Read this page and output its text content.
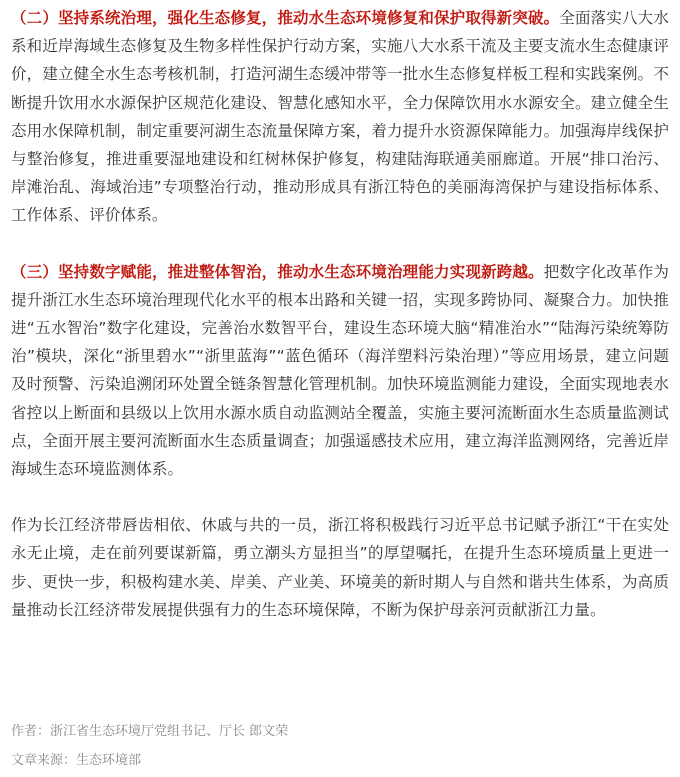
（二）坚持系统治理，强化生态修复，推动水生态环境修复和保护取得新突破。全面落实八大水系和近岸海域生态修复及生物多样性保护行动方案，实施八大水系干流及主要支流水生态健康评价，建立健全水生态考核机制，打造河湖生态缓冲带等一批水生态修复样板工程和实践案例。不断提升饮用水水源保护区规范化建设、智慧化感知水平，全力保障饮用水水源安全。建立健全生态用水保障机制，制定重要河湖生态流量保障方案，着力提升水资源保障能力。加强海岸线保护与整治修复，推进重要湿地建设和红树林保护修复，构建陆海联通美丽廊道。开展“排口治污、岸滩治乱、海域治违”专项整治行动，推动形成具有浙江特色的美丽海湾保护与建设指标体系、工作体系、评价体系。

（三）坚持数字赋能，推进整体智治，推动水生态环境治理能力实现新跨越。把数字化改革作为提升浙江水生态环境治理现代化水平的根本出路和关键一招，实现多跨协同、凝聚合力。加快推进“五水智治”数字化建设，完善治水数智平台，建设生态环境大脑“精准治水”“陆海污染统筹防治”模块，深化“浙里碧水”“浙里蓝海”“蓝色循环（海洋塑料污染治理）”等应用场景，建立问题及时预警、污染追溯闭环处置全链条智慧化管理机制。加快环境监测能力建设，全面实现地表水省控以上断面和县级以上饮用水源水质自动监测站全覆盖，实施主要河流断面水生态质量监测试点，全面开展主要河流断面水生态质量调查；加强遥感技术应用，建立海洋监测网络，完善近岸海域生态环境监测体系。

作为长江经济带唇齿相依、休戚与共的一员，浙江将积极践行习近平总书记赋予浙江“干在实处永无止境，走在前列要谋新篇，勇立潮头方显担当”的厚望嘱托，在提升生态环境质量上更进一步、更快一步，积极构建水美、岸美、产业美、环境美的新时期人与自然和谐共生体系，为高质量推动长江经济带发展提供强有力的生态环境保障，不断为保护母亲河贡献浙江力量。

作者：浙江省生态环境厅党组书记、厅长 郎文荣

文章来源：生态环境部
